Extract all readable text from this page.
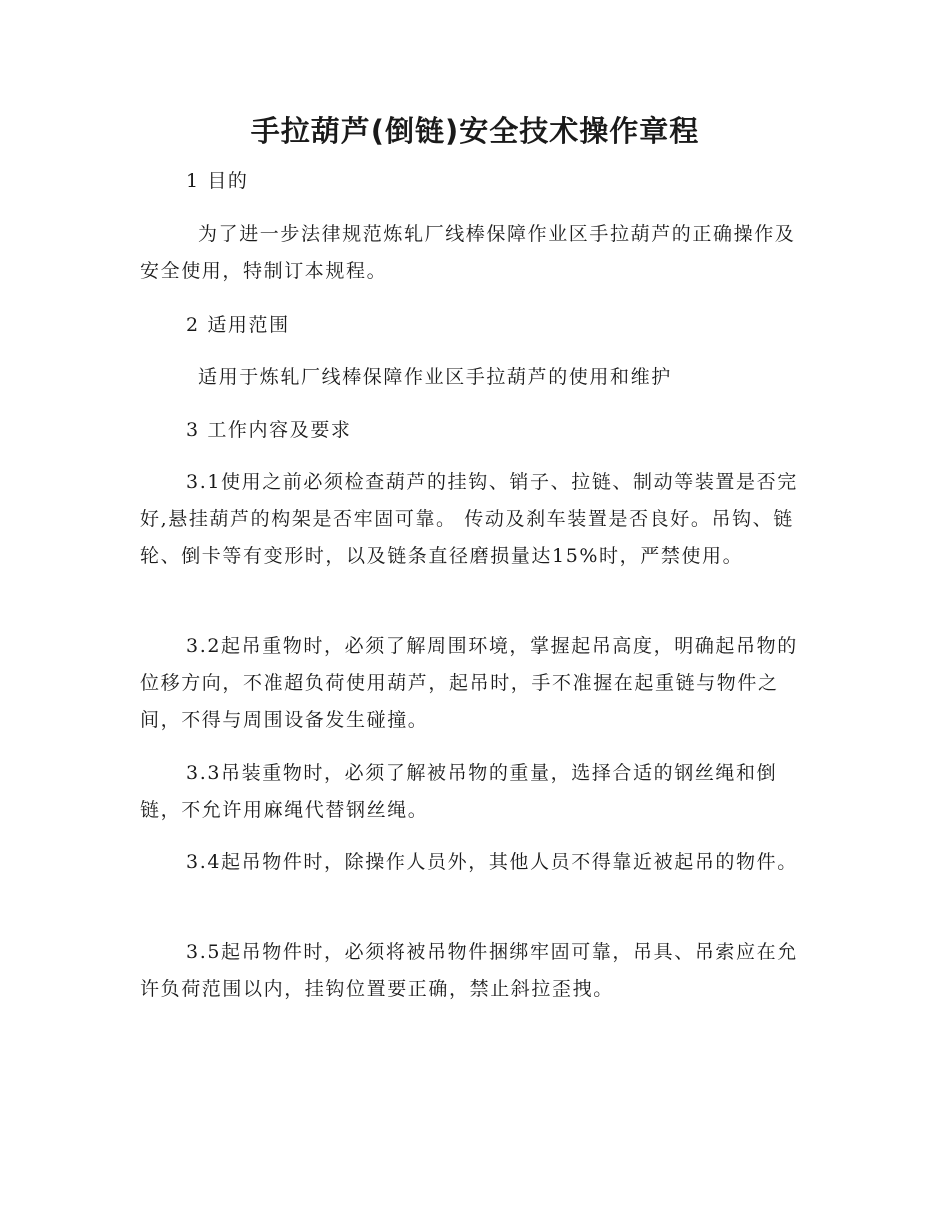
手拉葫芦(倒链)安全技术操作章程

1 目的

为了进一步法律规范炼轧厂线棒保障作业区手拉葫芦的正确操作及安全使用，特制订本规程。

2 适用范围

适用于炼轧厂线棒保障作业区手拉葫芦的使用和维护

3 工作内容及要求

3.1使用之前必须检查葫芦的挂钩、销子、拉链、制动等装置是否完好,悬挂葫芦的构架是否牢固可靠。 传动及刹车装置是否良好。吊钩、链轮、倒卡等有变形时，以及链条直径磨损量达15%时，严禁使用。

3.2起吊重物时，必须了解周围环境，掌握起吊高度，明确起吊物的位移方向，不准超负荷使用葫芦，起吊时，手不准握在起重链与物件之间，不得与周围设备发生碰撞。

3.3吊装重物时，必须了解被吊物的重量，选择合适的钢丝绳和倒链，不允许用麻绳代替钢丝绳。

3.4起吊物件时，除操作人员外，其他人员不得靠近被起吊的物件。

3.5起吊物件时，必须将被吊物件捆绑牢固可靠，吊具、吊索应在允许负荷范围以内，挂钩位置要正确，禁止斜拉歪拽。
